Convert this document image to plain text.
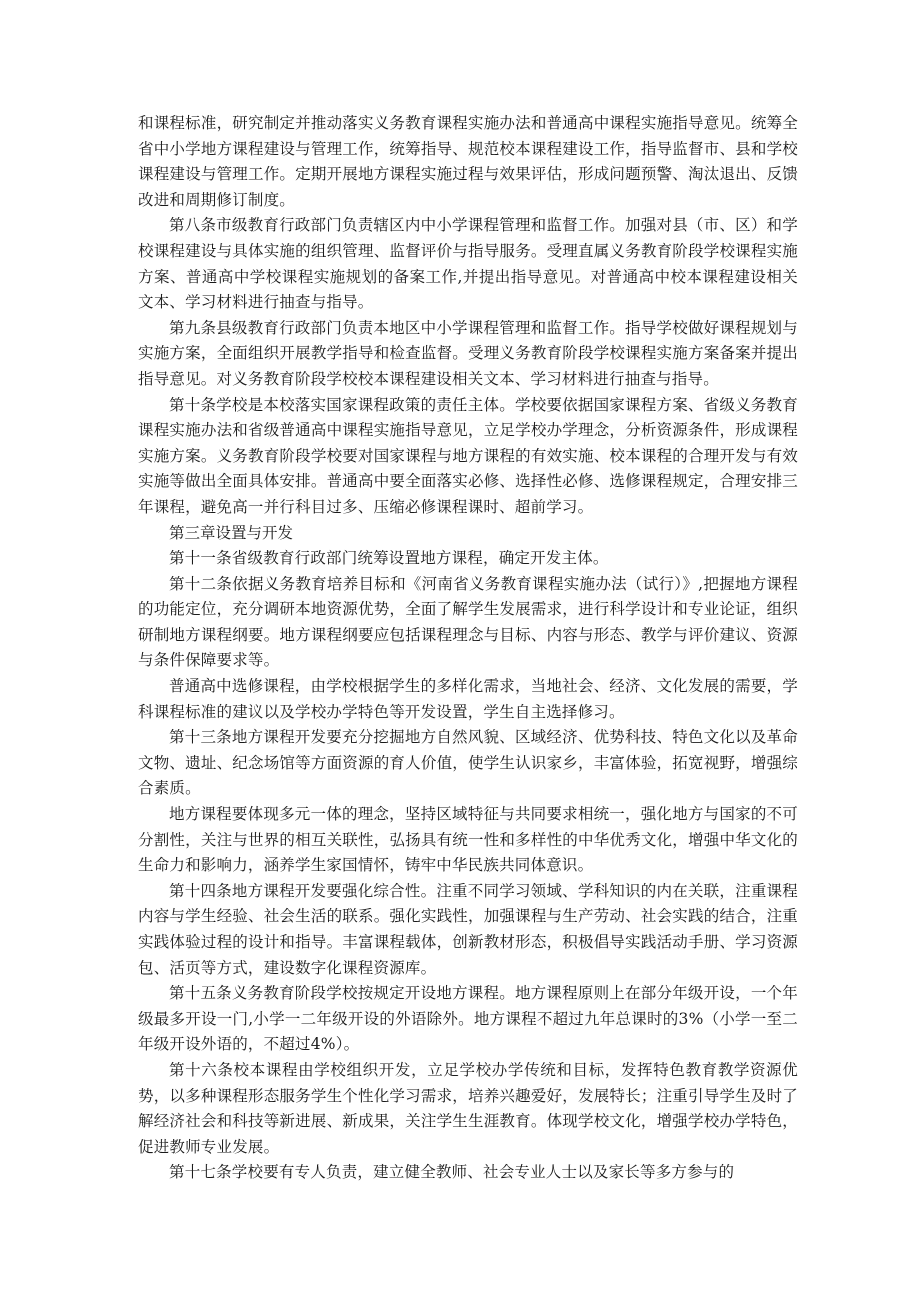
和课程标准，研究制定并推动落实义务教育课程实施办法和普通高中课程实施指导意见。统筹全省中小学地方课程建设与管理工作，统筹指导、规范校本课程建设工作，指导监督市、县和学校课程建设与管理工作。定期开展地方课程实施过程与效果评估，形成问题预警、淘汰退出、反馈改进和周期修订制度。

第八条市级教育行政部门负责辖区内中小学课程管理和监督工作。加强对县（市、区）和学校课程建设与具体实施的组织管理、监督评价与指导服务。受理直属义务教育阶段学校课程实施方案、普通高中学校课程实施规划的备案工作,并提出指导意见。对普通高中校本课程建设相关文本、学习材料进行抽查与指导。

第九条县级教育行政部门负责本地区中小学课程管理和监督工作。指导学校做好课程规划与实施方案，全面组织开展教学指导和检查监督。受理义务教育阶段学校课程实施方案备案并提出指导意见。对义务教育阶段学校校本课程建设相关文本、学习材料进行抽查与指导。

第十条学校是本校落实国家课程政策的责任主体。学校要依据国家课程方案、省级义务教育课程实施办法和省级普通高中课程实施指导意见，立足学校办学理念，分析资源条件，形成课程实施方案。义务教育阶段学校要对国家课程与地方课程的有效实施、校本课程的合理开发与有效实施等做出全面具体安排。普通高中要全面落实必修、选择性必修、选修课程规定，合理安排三年课程，避免高一并行科目过多、压缩必修课程课时、超前学习。

第三章设置与开发

第十一条省级教育行政部门统筹设置地方课程，确定开发主体。

第十二条依据义务教育培养目标和《河南省义务教育课程实施办法（试行）》,把握地方课程的功能定位，充分调研本地资源优势，全面了解学生发展需求，进行科学设计和专业论证，组织研制地方课程纲要。地方课程纲要应包括课程理念与目标、内容与形态、教学与评价建议、资源与条件保障要求等。

普通高中选修课程，由学校根据学生的多样化需求，当地社会、经济、文化发展的需要，学科课程标准的建议以及学校办学特色等开发设置，学生自主选择修习。

第十三条地方课程开发要充分挖掘地方自然风貌、区域经济、优势科技、特色文化以及革命文物、遗址、纪念场馆等方面资源的育人价值，使学生认识家乡，丰富体验，拓宽视野，增强综合素质。

地方课程要体现多元一体的理念，坚持区域特征与共同要求相统一，强化地方与国家的不可分割性，关注与世界的相互关联性，弘扬具有统一性和多样性的中华优秀文化，增强中华文化的生命力和影响力，涵养学生家国情怀，铸牢中华民族共同体意识。

第十四条地方课程开发要强化综合性。注重不同学习领域、学科知识的内在关联，注重课程内容与学生经验、社会生活的联系。强化实践性，加强课程与生产劳动、社会实践的结合，注重实践体验过程的设计和指导。丰富课程载体，创新教材形态，积极倡导实践活动手册、学习资源包、活页等方式，建设数字化课程资源库。

第十五条义务教育阶段学校按规定开设地方课程。地方课程原则上在部分年级开设，一个年级最多开设一门,小学一二年级开设的外语除外。地方课程不超过九年总课时的3%（小学一至二年级开设外语的，不超过4%）。

第十六条校本课程由学校组织开发，立足学校办学传统和目标，发挥特色教育教学资源优势，以多种课程形态服务学生个性化学习需求，培养兴趣爱好，发展特长；注重引导学生及时了解经济社会和科技等新进展、新成果，关注学生生涯教育。体现学校文化，增强学校办学特色，促进教师专业发展。

第十七条学校要有专人负责，建立健全教师、社会专业人士以及家长等多方参与的
